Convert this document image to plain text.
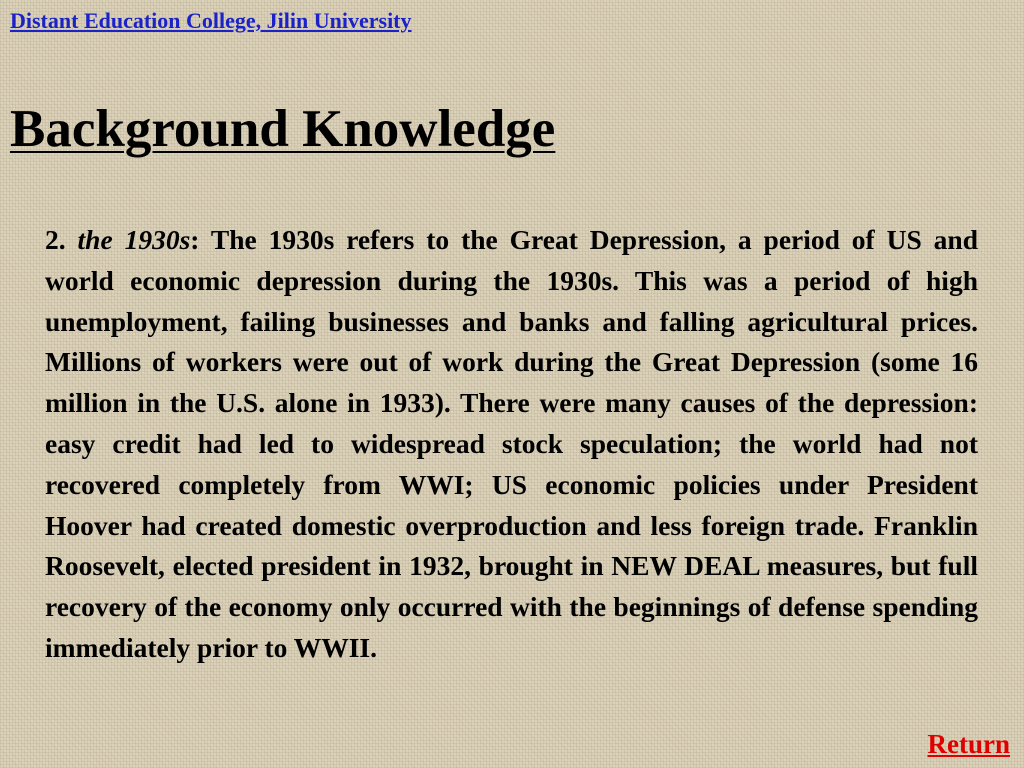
Distant Education College, Jilin University
Background Knowledge

2. the 1930s: The 1930s refers to the Great Depression, a period of US and world economic depression during the 1930s. This was a period of high unemployment, failing businesses and banks and falling agricultural prices. Millions of workers were out of work during the Great Depression (some 16 million in the U.S. alone in 1933). There were many causes of the depression: easy credit had led to widespread stock speculation; the world had not recovered completely from WWI; US economic policies under President Hoover had created domestic overproduction and less foreign trade. Franklin Roosevelt, elected president in 1932, brought in NEW DEAL measures, but full recovery of the economy only occurred with the beginnings of defense spending immediately prior to WWII.

Return
